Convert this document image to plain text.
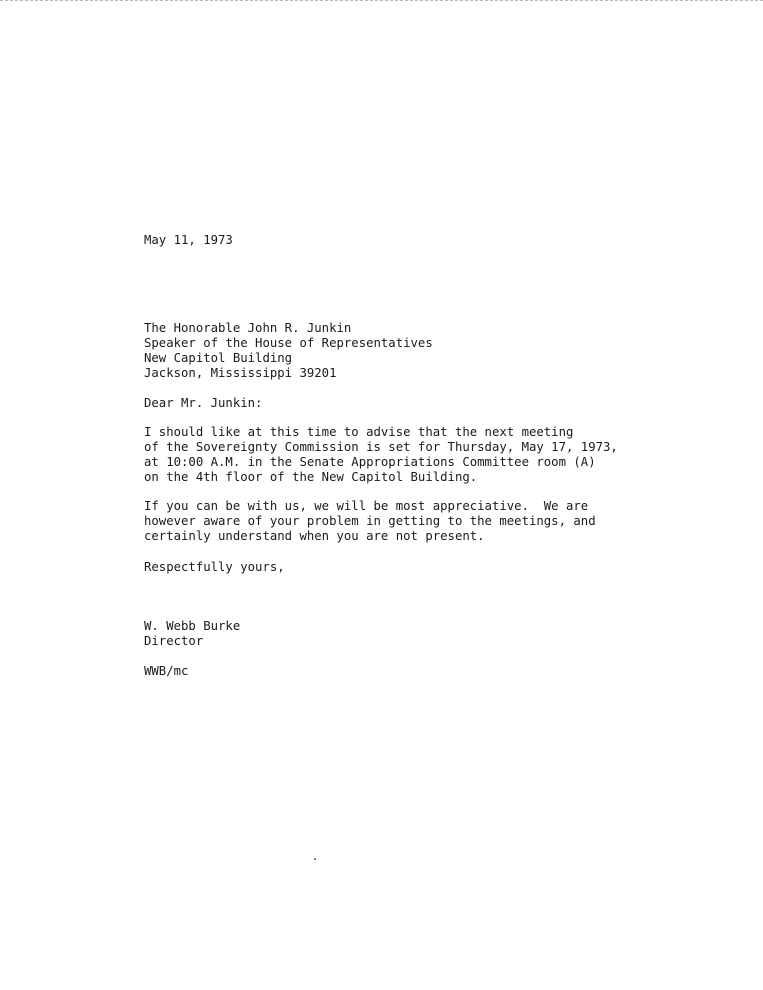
May 11, 1973

The Honorable John R. Junkin

Speaker of the House of Representatives

New Capitol Building

Jackson, Mississippi 39201

Dear Mr. Junkin:

I should like at this time to advise that the next meeting

of the Sovereignty Commission is set for Thursday, May 17, 1973,

at 10:00 A.M. in the Senate Appropriations Committee room (A)

on the 4th floor of the New Capitol Building.

If you can be with us, we will be most appreciative.  We are

however aware of your problem in getting to the meetings, and

certainly understand when you are not present.

Respectfully yours,

W. Webb Burke

Director

WWB/mc
